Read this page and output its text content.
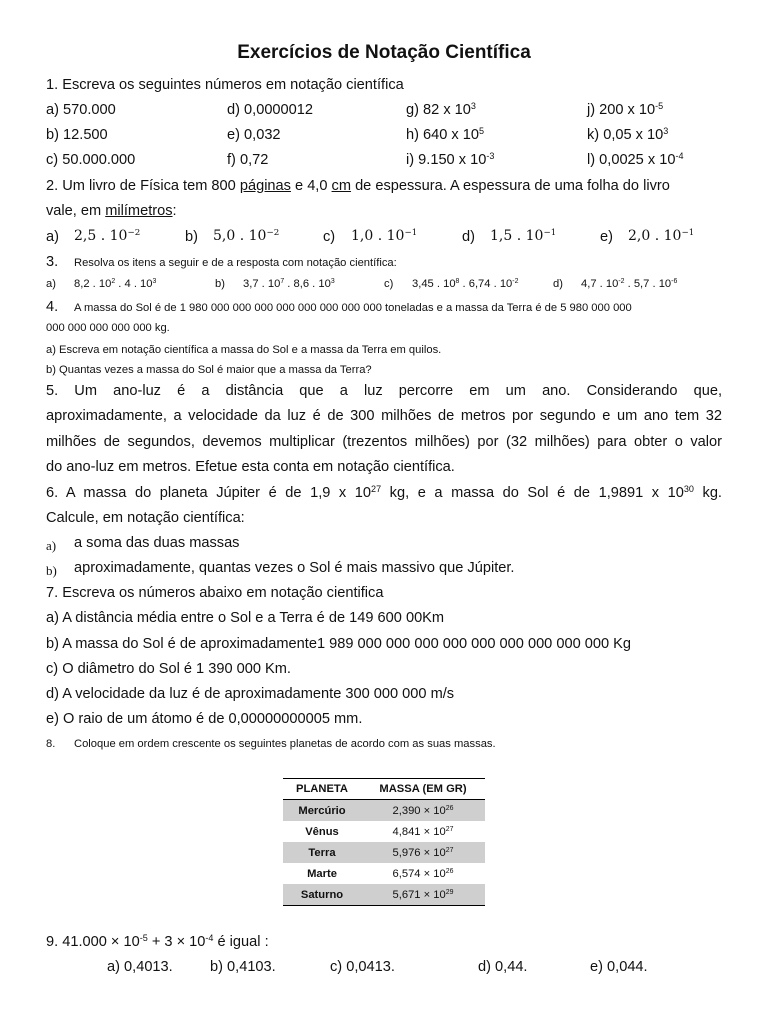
Exercícios de Notação Científica
1. Escreva os seguintes números em notação científica
a) 570.000	d) 0,0000012	g) 82 x $10^3$	j) 200 x $10^{-5}$
b) 12.500	e) 0,032	h) 640 x $10^5$	k) 0,05 x $10^3$
c) 50.000.000	f) 0,72	i) 9.150 x $10^{-3}$	l) 0,0025 x $10^{-4}$
2. Um livro de Física tem 800 páginas e 4,0 cm de espessura. A espessura de uma folha do livro
vale, em milímetros:
a) 2,5 . $10^{-2}$	b) 5,0 . $10^{-2}$	c) 1,0 . $10^{-1}$	d) 1,5 . $10^{-1}$	e) 2,0 . $10^{-1}$
3. Resolva os itens a seguir e de a resposta com notação científica:
a) 8,2 . $10^2$ . 4 . $10^3$	b) 3,7 . $10^7$ . 8,6 . $10^3$	c) 3,45 . $10^8$ . 6,74 . $10^{-2}$	d) 4,7 . $10^{-2}$ . 5,7 . $10^{-6}$
4. A massa do Sol é de 1 980 000 000 000 000 000 000 000 000 toneladas e a massa da Terra é de 5 980 000 000
000 000 000 000 000 kg.
a) Escreva em notação científica a massa do Sol e a massa da Terra em quilos.
b) Quantas vezes a massa do Sol é maior que a massa da Terra?
5. Um ano-luz é a distância que a luz percorre em um ano. Considerando que,
aproximadamente, a velocidade da luz é de 300 milhões de metros por segundo e um ano tem 32
milhões de segundos, devemos multiplicar (trezentos milhões) por (32 milhões) para obter o valor
do ano-luz em metros. Efetue esta conta em notação científica.
6. A massa do planeta Júpiter é de 1,9 x $10^{27}$ kg, e a massa do Sol é de 1,9891 x $10^{30}$ kg.
Calcule, em notação científica:
a) a soma das duas massas
b) aproximadamente, quantas vezes o Sol é mais massivo que Júpiter.
7. Escreva os números abaixo em notação cientifica
a) A distância média entre o Sol e a Terra é de 149 600 00Km
b) A massa do Sol é de aproximadamente1 989 000 000 000 000 000 000 000 000 000 Kg
c) O diâmetro do Sol é 1 390 000 Km.
d) A velocidade da luz é de aproximadamente 300 000 000 m/s
e) O raio de um átomo é de 0,00000000005 mm.
8. Coloque em ordem crescente os seguintes planetas de acordo com as suas massas.
PLANETA	MASSA (EM GR)
Mercúrio	$2,390 \times 10^{26}$
Vênus	$4,841 \times 10^{27}$
Terra	$5,976 \times 10^{27}$
Marte	$6,574 \times 10^{26}$
Saturno	$5,671 \times 10^{29}$
9. $41.000 \times 10^{-5} + 3 \times 10^{-4}$ é igual :
a) 0,4013.	b) 0,4103.	c) 0,0413.	d) 0,44.	e) 0,044.
